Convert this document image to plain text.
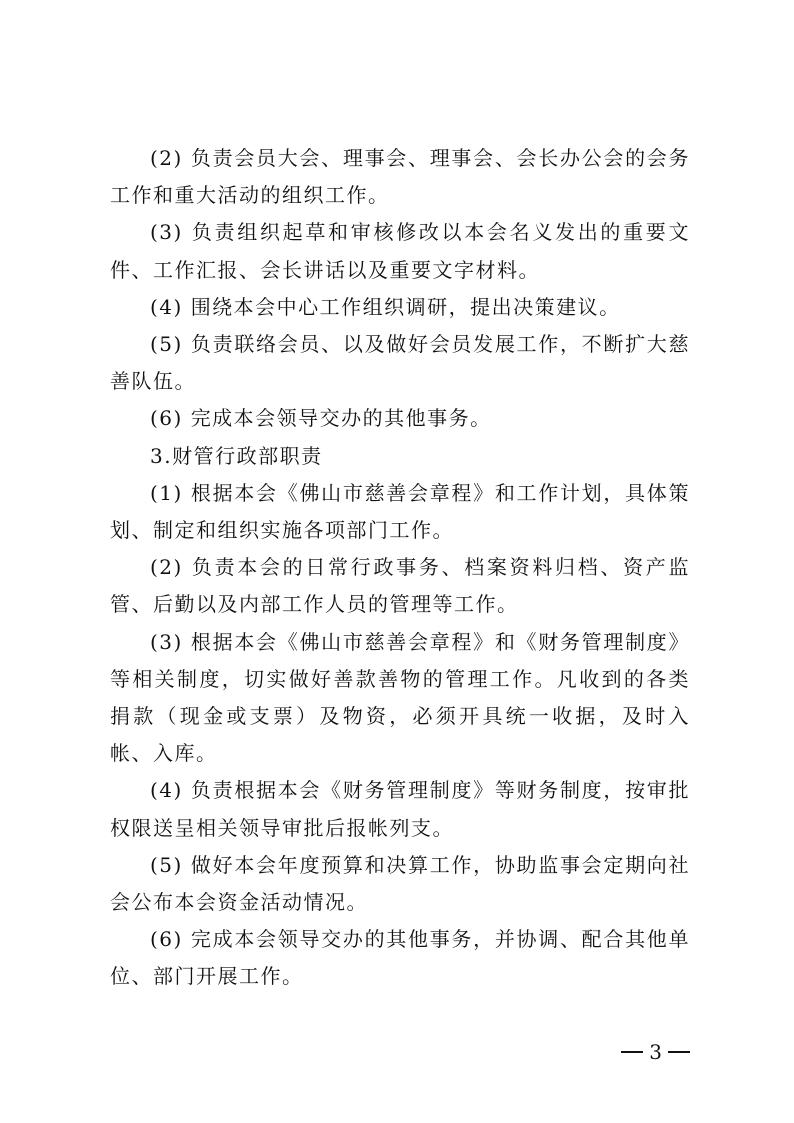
(2) 负责会员大会、理事会、理事会、会长办公会的会务工作和重大活动的组织工作。

(3) 负责组织起草和审核修改以本会名义发出的重要文件、工作汇报、会长讲话以及重要文字材料。

(4) 围绕本会中心工作组织调研，提出决策建议。

(5) 负责联络会员、以及做好会员发展工作，不断扩大慈善队伍。

(6) 完成本会领导交办的其他事务。

3.财管行政部职责

(1) 根据本会《佛山市慈善会章程》和工作计划，具体策划、制定和组织实施各项部门工作。

(2) 负责本会的日常行政事务、档案资料归档、资产监管、后勤以及内部工作人员的管理等工作。

(3) 根据本会《佛山市慈善会章程》和《财务管理制度》等相关制度，切实做好善款善物的管理工作。凡收到的各类捐款（现金或支票）及物资，必须开具统一收据，及时入帐、入库。

(4) 负责根据本会《财务管理制度》等财务制度，按审批权限送呈相关领导审批后报帐列支。

(5) 做好本会年度预算和决算工作，协助监事会定期向社会公布本会资金活动情况。

(6) 完成本会领导交办的其他事务，并协调、配合其他单位、部门开展工作。

3
